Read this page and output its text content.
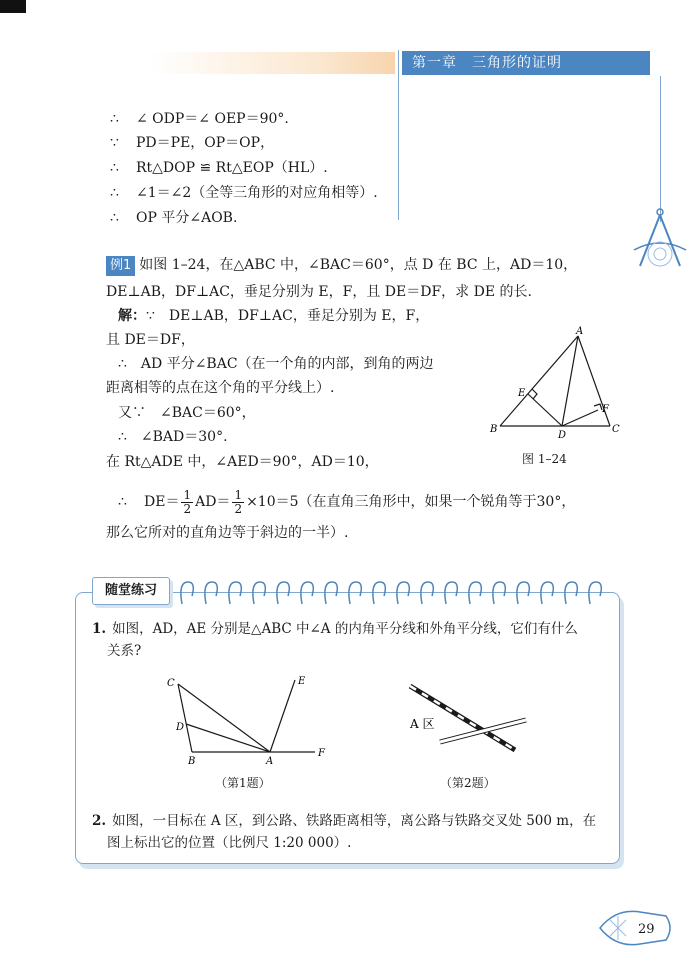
第一章　三角形的证明
∴ ∠ ODP＝∠ OEP＝90°.
∵ PD＝PE，OP＝OP，
∴ Rt△DOP ≌ Rt△EOP（HL）.
∴ ∠1＝∠2（全等三角形的对应角相等）.
∴ OP 平分∠AOB.
例1 如图 1–24，在△ABC 中，∠BAC＝60°，点 D 在 BC 上，AD＝10，
DE⊥AB，DF⊥AC，垂足分别为 E，F，且 DE＝DF，求 DE 的长.
解：∵　DE⊥AB，DF⊥AC，垂足分别为 E，F，
且 DE＝DF，
∴　AD 平分∠BAC（在一个角的内部，到角的两边
距离相等的点在这个角的平分线上）.
又∵　∠BAC＝60°，
∴　∠BAD＝30°.
在 Rt△ADE 中，∠AED＝90°，AD＝10，
∴ $DE= \frac{1}{2} AD= \frac{1}{2} \times 10=5$（在直角三角形中，如果一个锐角等于30°，
那么它所对的直角边等于斜边的一半）.
A
B	C
D
E
F
图 1–24
随堂练习
1. 如图，AD，AE 分别是△ABC 中∠A 的内角平分线和外角平分线，它们有什么
关系?
C	E
D
B	A
F
（第1题）
A 区
（第2题）
2. 如图，一目标在 A 区，到公路、铁路距离相等，离公路与铁路交叉处 500 m，在
图上标出它的位置（比例尺 1:20 000）.
29
